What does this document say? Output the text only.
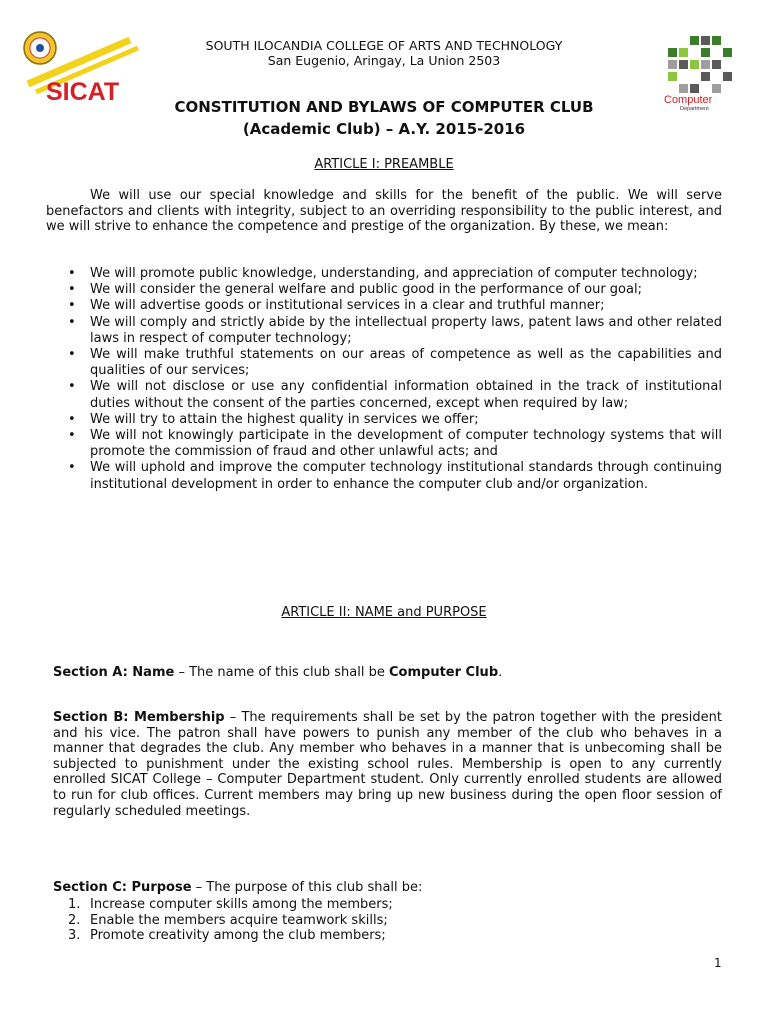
SICAT	Computer
Department
SOUTH ILOCANDIA COLLEGE OF ARTS AND TECHNOLOGY
San Eugenio, Aringay, La Union 2503
CONSTITUTION AND BYLAWS OF COMPUTER CLUB
(Academic Club) – A.Y. 2015-2016
ARTICLE I: PREAMBLE

We will use our special knowledge and skills for the benefit of the public. We will serve benefactors and clients with integrity, subject to an overriding responsibility to the public interest, and we will strive to enhance the competence and prestige of the organization. By these, we mean:

• We will promote public knowledge, understanding, and appreciation of computer technology;
• We will consider the general welfare and public good in the performance of our goal;
• We will advertise goods or institutional services in a clear and truthful manner;
• We will comply and strictly abide by the intellectual property laws, patent laws and other related laws in respect of computer technology;
• We will make truthful statements on our areas of competence as well as the capabilities and qualities of our services;
• We will not disclose or use any confidential information obtained in the track of institutional duties without the consent of the parties concerned, except when required by law;
• We will try to attain the highest quality in services we offer;
• We will not knowingly participate in the development of computer technology systems that will promote the commission of fraud and other unlawful acts; and
• We will uphold and improve the computer technology institutional standards through continuing institutional development in order to enhance the computer club and/or organization.
ARTICLE II: NAME and PURPOSE

Section A: Name – The name of this club shall be Computer Club.

Section B: Membership – The requirements shall be set by the patron together with the president and his vice. The patron shall have powers to punish any member of the club who behaves in a manner that degrades the club. Any member who behaves in a manner that is unbecoming shall be subjected to punishment under the existing school rules. Membership is open to any currently enrolled SICAT College – Computer Department student. Only currently enrolled students are allowed to run for club offices. Current members may bring up new business during the open floor session of regularly scheduled meetings.

Section C: Purpose – The purpose of this club shall be:

1. Increase computer skills among the members;
2. Enable the members acquire teamwork skills;
3. Promote creativity among the club members;
1
